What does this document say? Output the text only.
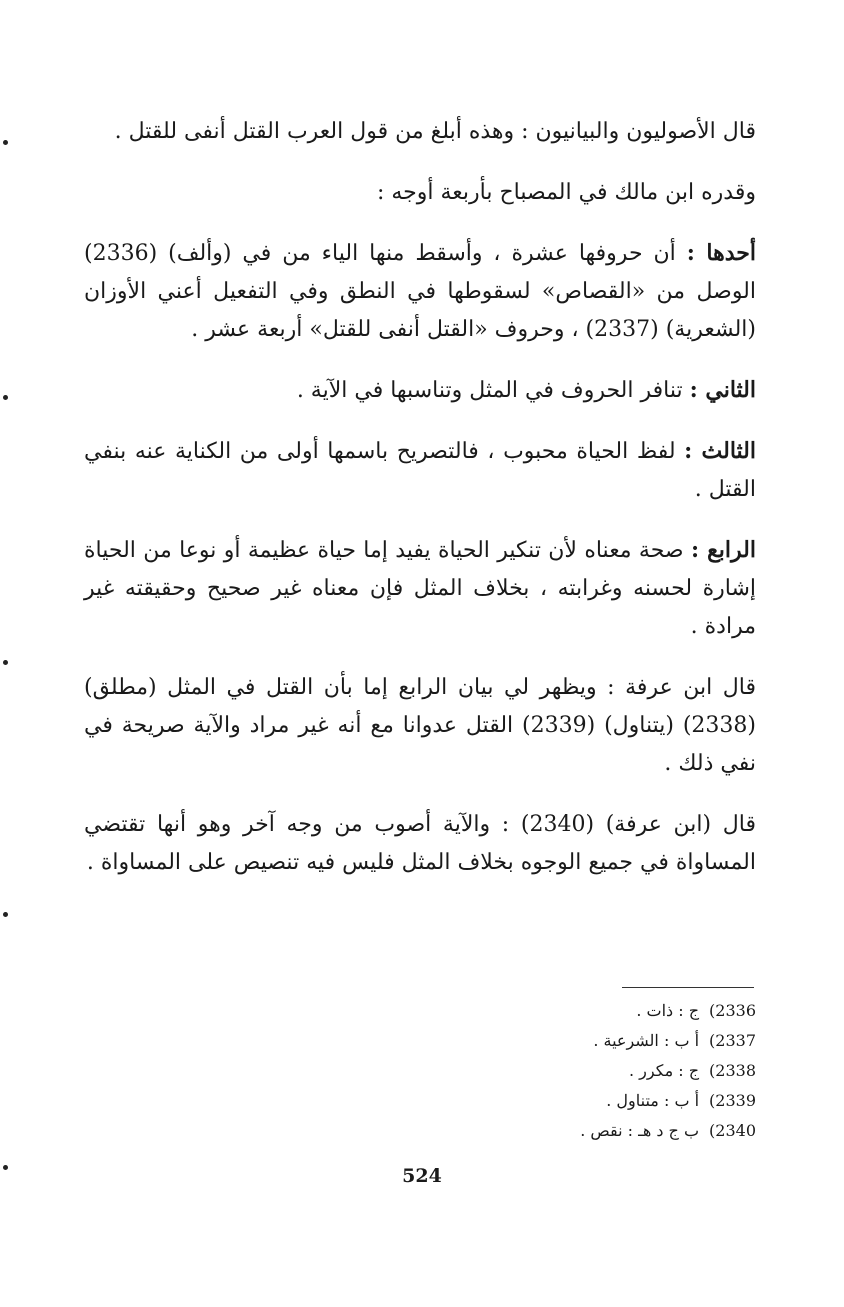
قال الأصوليون والبيانيون : وهذه أبلغ من قول العرب القتل أنفى للقتل .

وقدره ابن مالك في المصباح بأربعة أوجه :

أحدها : أن حروفها عشرة ، وأسقط منها الياء من في (وألف) (2336) الوصل من «القصاص» لسقوطها في النطق وفي التفعيل أعني الأوزان (الشعرية) (2337) ، وحروف «القتل أنفى للقتل» أربعة عشر .

الثاني : تنافر الحروف في المثل وتناسبها في الآية .

الثالث : لفظ الحياة محبوب ، فالتصريح باسمها أولى من الكناية عنه بنفي القتل .

الرابع : صحة معناه لأن تنكير الحياة يفيد إما حياة عظيمة أو نوعا من الحياة إشارة لحسنه وغرابته ، بخلاف المثل فإن معناه غير صحيح وحقيقته غير مرادة .

قال ابن عرفة : ويظهر لي بيان الرابع إما بأن القتل في المثل (مطلق) (2338) (يتناول) (2339) القتل عدوانا مع أنه غير مراد والآية صريحة في نفي ذلك .

قال (ابن عرفة) (2340) : والآية أصوب من وجه آخر وهو أنها تقتضي المساواة في جميع الوجوه بخلاف المثل فليس فيه تنصيص على المساواة .

(2336ج : ذات .

(2337أ ب : الشرعية .

(2338ج : مكرر .

(2339أ ب : متناول .

(2340ب ج د هـ : نقص .

524
